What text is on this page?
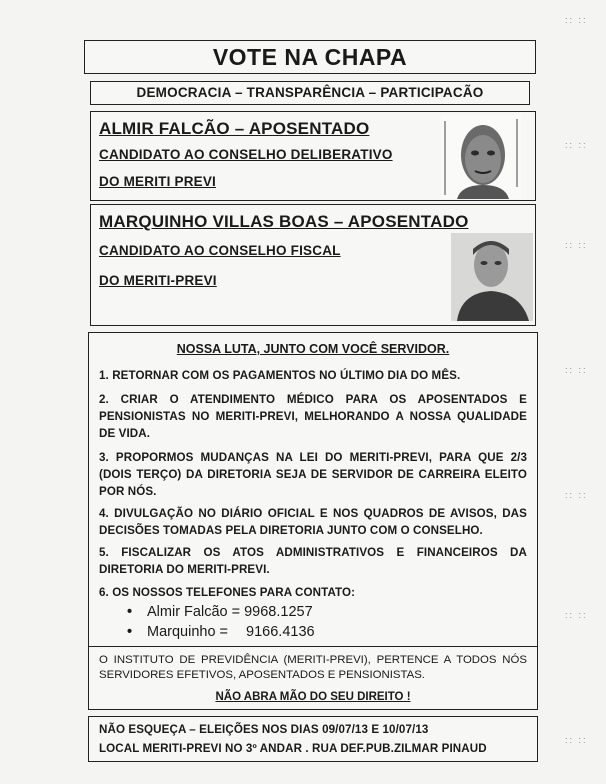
VOTE NA CHAPA
DEMOCRACIA – TRANSPARÊNCIA – PARTICIPACÃO
ALMIR FALCÃO – APOSENTADO
CANDIDATO AO CONSELHO DELIBERATIVO
DO MERITI PREVI
MARQUINHO VILLAS BOAS – APOSENTADO
CANDIDATO AO CONSELHO FISCAL
DO MERITI-PREVI
NOSSA LUTA, JUNTO COM VOCÊ SERVIDOR.
1. RETORNAR COM OS PAGAMENTOS NO ÚLTIMO DIA DO MÊS.
2. CRIAR O ATENDIMENTO MÉDICO PARA OS APOSENTADOS E PENSIONISTAS NO MERITI-PREVI, MELHORANDO A NOSSA QUALIDADE DE VIDA.
3. PROPORMOS MUDANÇAS NA LEI DO MERITI-PREVI, PARA QUE 2/3 (DOIS TERÇO) DA DIRETORIA SEJA DE SERVIDOR DE CARREIRA ELEITO POR NÓS.
4. DIVULGAÇÃO NO DIÁRIO OFICIAL E NOS QUADROS DE AVISOS, DAS DECISÕES TOMADAS PELA DIRETORIA JUNTO COM O CONSELHO.
5. FISCALIZAR OS ATOS ADMINISTRATIVOS E FINANCEIROS DA DIRETORIA DO MERITI-PREVI.
6. OS NOSSOS TELEFONES PARA CONTATO:
• Almir Falcão = 9968.1257
• Marquinho = 9166.4136
O INSTITUTO DE PREVIDÊNCIA (MERITI-PREVI), PERTENCE A TODOS NÓS SERVIDORES EFETIVOS, APOSENTADOS E PENSIONISTAS.
NÃO ABRA MÃO DO SEU DIREITO !
NÃO ESQUEÇA – ELEIÇÕES NOS DIAS 09/07/13 E 10/07/13
LOCAL MERITI-PREVI NO 3º ANDAR . RUA DEF.PUB.ZILMAR PINAUD
:: ::
:: ::
:: ::
:: ::
:: ::
:: ::
:: ::
